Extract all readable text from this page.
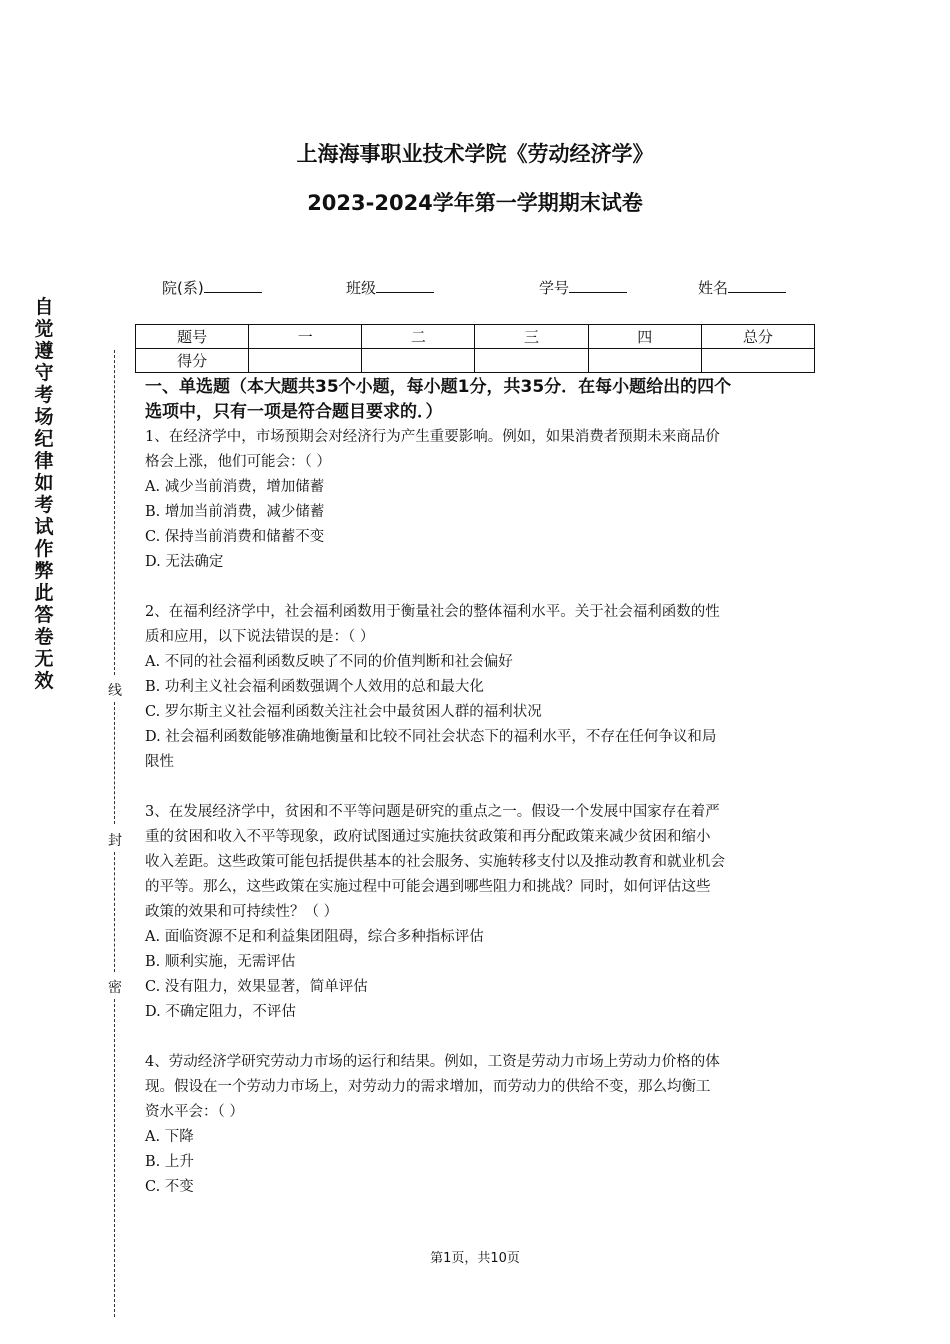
上海海事职业技术学院《劳动经济学》
2023-2024学年第一学期期末试卷
自
觉
遵
守
考
场
纪
律
如
考
试
作
弊
此
答
卷
无
效	线
封
密
院(系)	班级	学号	姓名
题号	一	二	三	四	总分
得分					

一、单选题（本大题共35个小题，每小题1分，共35分．在每小题给出的四个

选项中，只有一项是符合题目要求的．）

1、在经济学中，市场预期会对经济行为产生重要影响。例如，如果消费者预期未来商品价

格会上涨，他们可能会：（ ）

A. 减少当前消费，增加储蓄

B. 增加当前消费，减少储蓄

C. 保持当前消费和储蓄不变

D. 无法确定

2、在福利经济学中，社会福利函数用于衡量社会的整体福利水平。关于社会福利函数的性

质和应用，以下说法错误的是：（ ）

A. 不同的社会福利函数反映了不同的价值判断和社会偏好

B. 功利主义社会福利函数强调个人效用的总和最大化

C. 罗尔斯主义社会福利函数关注社会中最贫困人群的福利状况

D. 社会福利函数能够准确地衡量和比较不同社会状态下的福利水平，不存在任何争议和局

限性

3、在发展经济学中，贫困和不平等问题是研究的重点之一。假设一个发展中国家存在着严

重的贫困和收入不平等现象，政府试图通过实施扶贫政策和再分配政策来减少贫困和缩小

收入差距。这些政策可能包括提供基本的社会服务、实施转移支付以及推动教育和就业机会

的平等。那么，这些政策在实施过程中可能会遇到哪些阻力和挑战？同时，如何评估这些

政策的效果和可持续性？（ ）

A. 面临资源不足和利益集团阻碍，综合多种指标评估

B. 顺利实施，无需评估

C. 没有阻力，效果显著，简单评估

D. 不确定阻力，不评估

4、劳动经济学研究劳动力市场的运行和结果。例如，工资是劳动力市场上劳动力价格的体

现。假设在一个劳动力市场上，对劳动力的需求增加，而劳动力的供给不变，那么均衡工

资水平会：（ ）

A. 下降

B. 上升

C. 不变

第1页，共10页
